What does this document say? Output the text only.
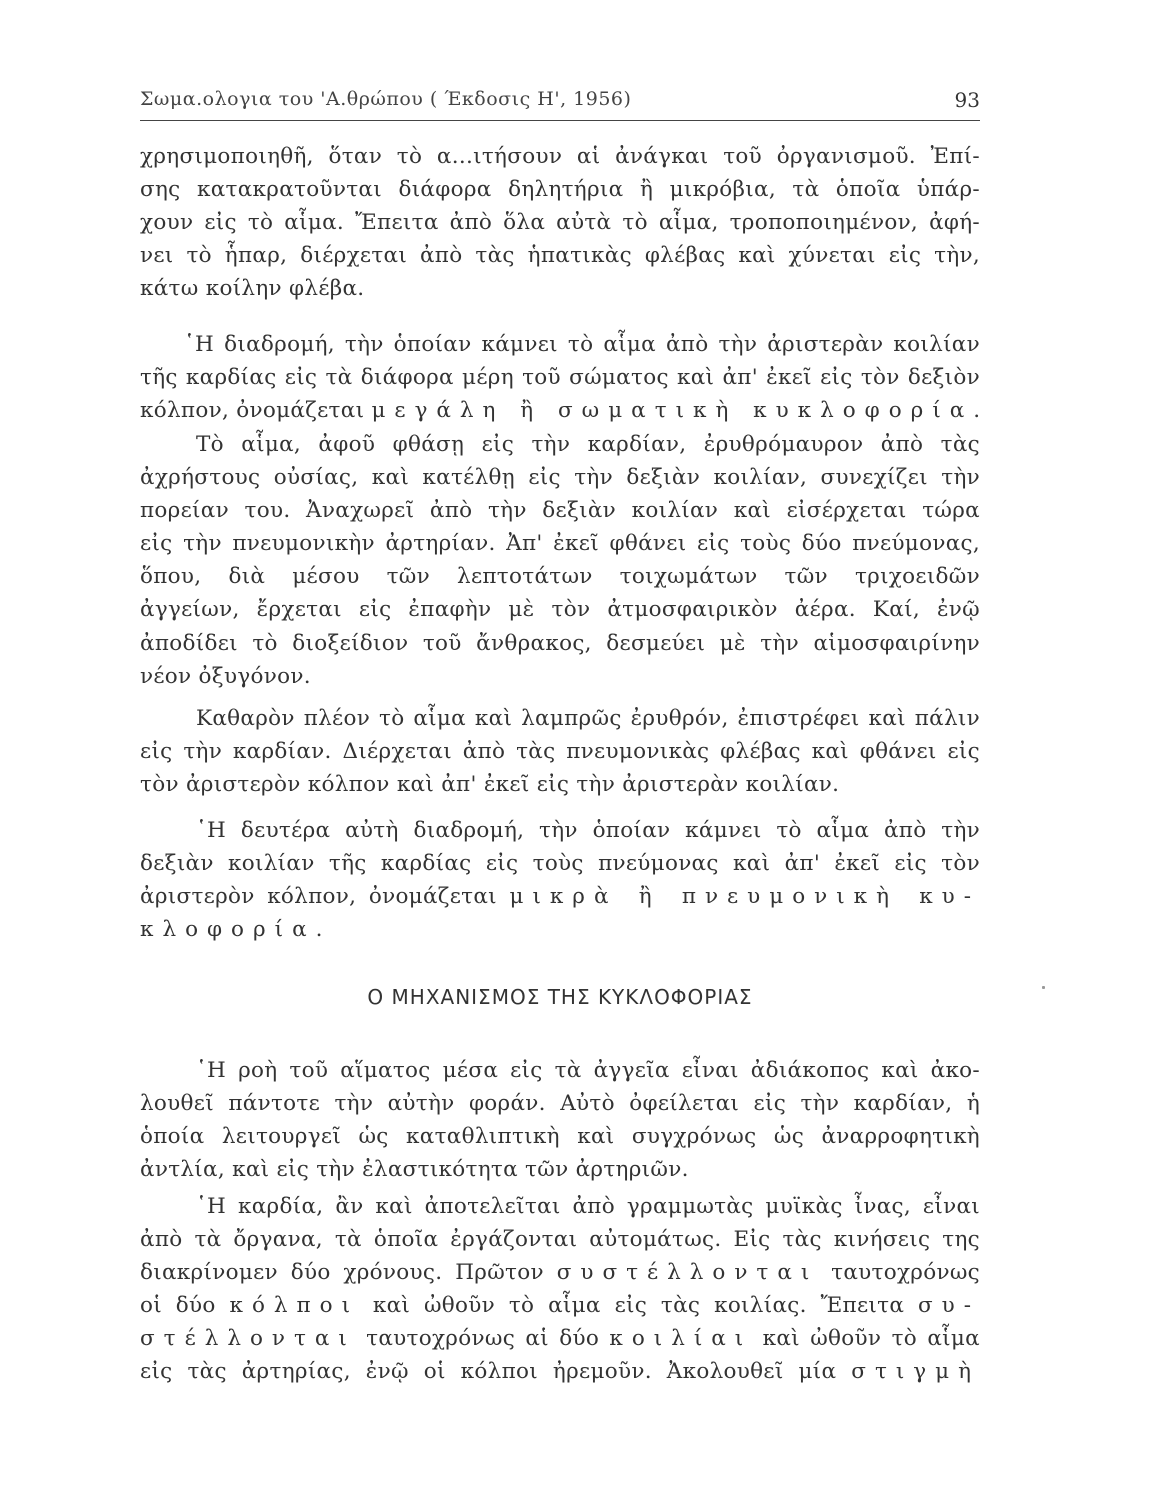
Σωμα.ολογια του 'Α.θρώπου ( Έκδοσις Η', 1956)	93
χρησιμοποιηθῆ, ὅταν τὸ α...ιτήσουν αἱ ἀνάγκαι τοῦ ὀργανισμοῦ. Ἐπί-
σης κατακρατοῦνται διάφορα δηλητήρια ἢ μικρόβια, τὰ ὁποῖα ὑπάρ-
χουν εἰς τὸ αἷμα. Ἔπειτα ἀπὸ ὅλα αὐτὰ τὸ αἷμα, τροποποιημένον, ἀφή-
νει τὸ ἧπαρ, διέρχεται ἀπὸ τὰς ἡπατικὰς φλέβας καὶ χύνεται εἰς τὴν,
κάτω κοίλην φλέβα.
῾Η διαδρομή, τὴν ὁποίαν κάμνει τὸ αἷμα ἀπὸ τὴν ἀριστερὰν κοιλίαν
τῆς καρδίας εἰς τὰ διάφορα μέρη τοῦ σώματος καὶ ἀπ' ἐκεῖ εἰς τὸν δεξιὸν
κόλπον, ὀνομάζεται μεγάλη ἢ σωματικὴ κυκλοφορία.
Τὸ αἷμα, ἀφοῦ φθάσῃ εἰς τὴν καρδίαν, ἐρυθρόμαυρον ἀπὸ τὰς
ἀχρήστους οὐσίας, καὶ κατέλθῃ εἰς τὴν δεξιὰν κοιλίαν, συνεχίζει τὴν
πορείαν του. Ἀναχωρεῖ ἀπὸ τὴν δεξιὰν κοιλίαν καὶ εἰσέρχεται τώρα
εἰς τὴν πνευμονικὴν ἀρτηρίαν. Ἀπ' ἐκεῖ φθάνει εἰς τοὺς δύο πνεύμονας,
ὅπου, διὰ μέσου τῶν λεπτοτάτων τοιχωμάτων τῶν τριχοειδῶν
ἀγγείων, ἔρχεται εἰς ἐπαφὴν μὲ τὸν ἀτμοσφαιρικὸν ἀέρα. Καί, ἐνῷ
ἀποδίδει τὸ διοξείδιον τοῦ ἄνθρακος, δεσμεύει μὲ τὴν αἱμοσφαιρίνην
νέον ὀξυγόνον.
Καθαρὸν πλέον τὸ αἷμα καὶ λαμπρῶς ἐρυθρόν, ἐπιστρέφει καὶ πάλιν
εἰς τὴν καρδίαν. Διέρχεται ἀπὸ τὰς πνευμονικὰς φλέβας καὶ φθάνει εἰς
τὸν ἀριστερὸν κόλπον καὶ ἀπ' ἐκεῖ εἰς τὴν ἀριστερὰν κοιλίαν.
῾Η δευτέρα αὐτὴ διαδρομή, τὴν ὁποίαν κάμνει τὸ αἷμα ἀπὸ τὴν
δεξιὰν κοιλίαν τῆς καρδίας εἰς τοὺς πνεύμονας καὶ ἀπ' ἐκεῖ εἰς τὸν
ἀριστερὸν κόλπον, ὀνομάζεται μικρὰ ἢ πνευμονικὴ κυ-
κλοφορία.
Ο ΜΗΧΑΝΙΣΜΟΣ ΤΗΣ ΚΥΚΛΟΦΟΡΙΑΣ
῾Η ροὴ τοῦ αἵματος μέσα εἰς τὰ ἀγγεῖα εἶναι ἀδιάκοπος καὶ ἀκο-
λουθεῖ πάντοτε τὴν αὐτὴν φοράν. Αὐτὸ ὀφείλεται εἰς τὴν καρδίαν, ἡ
ὁποία λειτουργεῖ ὡς καταθλιπτικὴ καὶ συγχρόνως ὡς ἀναρροφητικὴ
ἀντλία, καὶ εἰς τὴν ἐλαστικότητα τῶν ἀρτηριῶν.
῾Η καρδία, ἂν καὶ ἀποτελεῖται ἀπὸ γραμμωτὰς μυϊκὰς ἶνας, εἶναι
ἀπὸ τὰ ὄργανα, τὰ ὁποῖα ἐργάζονται αὐτομάτως. Εἰς τὰς κινήσεις της
διακρίνομεν δύο χρόνους. Πρῶτον συστέλλονται ταυτοχρόνως
οἱ δύο κόλποι καὶ ὠθοῦν τὸ αἷμα εἰς τὰς κοιλίας. Ἔπειτα συ-
στέλλονται ταυτοχρόνως αἱ δύο κοιλίαι καὶ ὠθοῦν τὸ αἷμα
εἰς τὰς ἀρτηρίας, ἐνῷ οἱ κόλποι ἠρεμοῦν. Ἀκολουθεῖ μία στιγμὴ
